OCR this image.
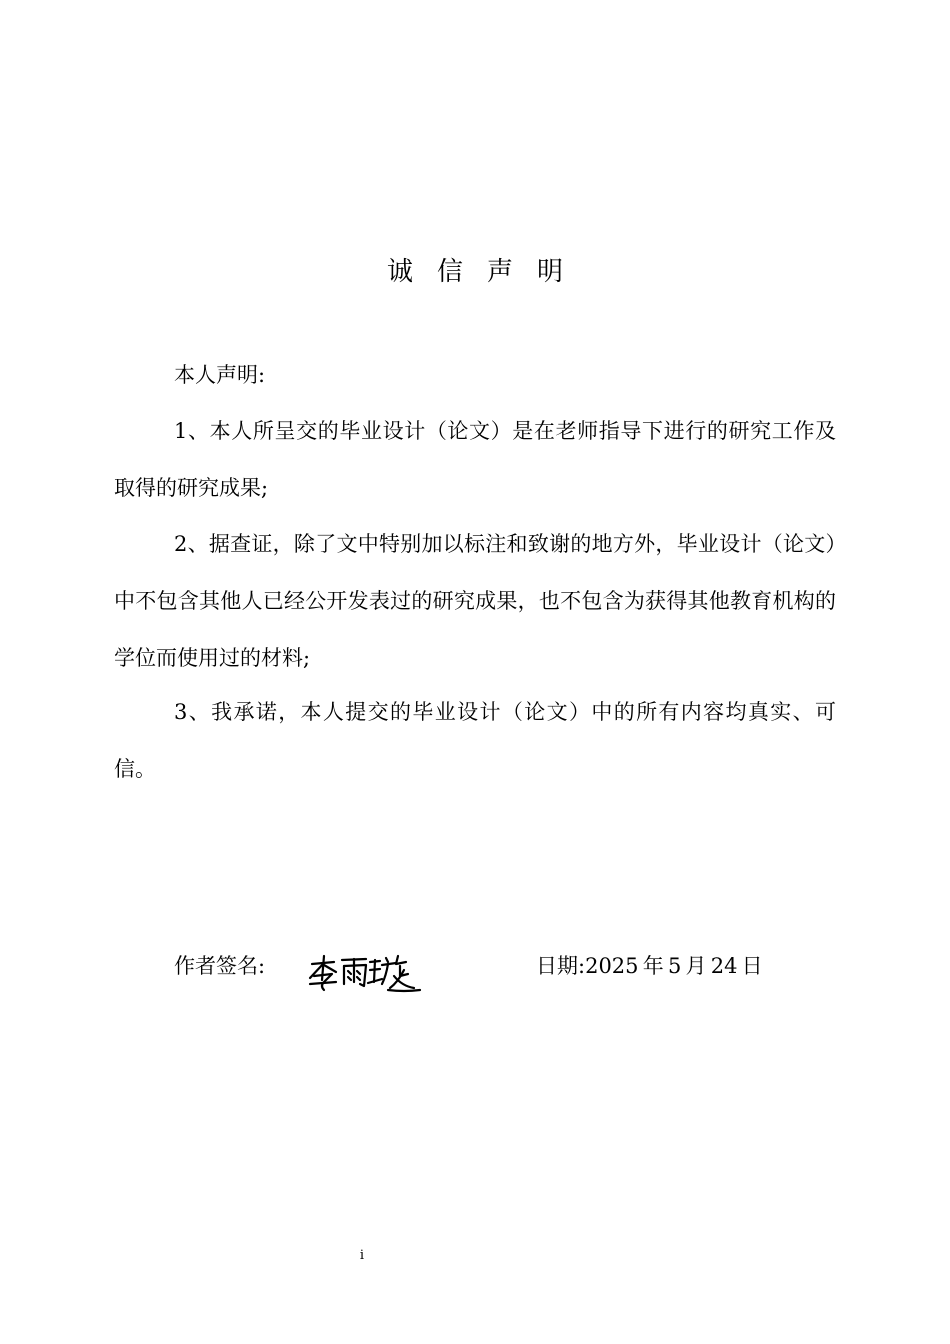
诚信声明

本人声明:

1、本人所呈交的毕业设计（论文）是在老师指导下进行的研究工作及取得的研究成果;

2、据查证，除了文中特别加以标注和致谢的地方外，毕业设计（论文）中不包含其他人已经公开发表过的研究成果，也不包含为获得其他教育机构的学位而使用过的材料;

3、我承诺，本人提交的毕业设计（论文）中的所有内容均真实、可信。

作者签名:	日期:2025  年  5  月  24  日
i
